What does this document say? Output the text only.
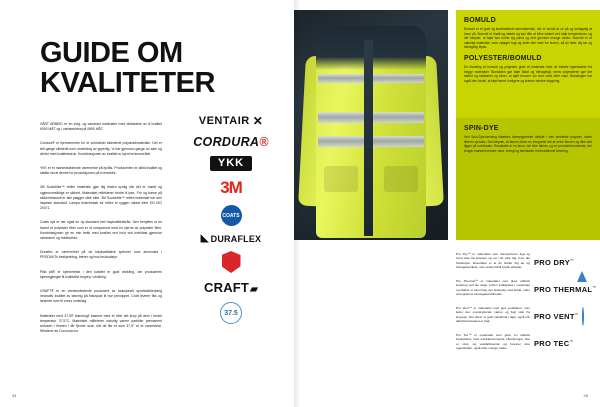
GUIDE OM
KVALITETER

VÅRT ARBEID er en evig- og vandrast materialer med deltakelse av å kvalitet 6000 MÅT og i varbaseinfra på 0890 MÅT.

Cordura® er kjennemerke for et velutviklet slitesterkt polyamidmateriale. Det er lett gange slitsterkt som utmerking av ypperlig. Vi har gjennom gange av søm og derfor med kvalitetsbruk. Kombinasjonen av kvalitet er kjent bruksområde.

YKK er et markedsledende varemerke på lynlås. Produsenten er alltid kvalitet og støtter dural denne for produksjonen på hverandre.

3M Scotchlite™ reflex materiale gjør dig ekstra synlig når det er mørkt og ugjennomsiktige er sikkert. Materialet reflekterer bedre å lyse. For og barne på sikkerhetsnivå er alle plagger våre ekte. 3M Scotchlite™ reflex materiale har den høyeste standard. Lampa lederforsøk for reflex til ryggen utkast etter EN ISO 20471.

Coats sys er her også en ny standard ved høykvalitetstråd. Den benyttes ut en lavest et polyester fiber som er et omspunnet med en kjerne av polyester fiber. Kombinasjonen gir en min trekk med kvalitet ved hold ved trekkfast gjennom sømmene og holdbarhet.

Duraflex er varemerket på de høykvalitative spenner som anvendes i PRODUKTs beskjedning, bærer og hvis bruksutstyr.

Pilla på® er kjennetekst i den kvalitet er godt utvikling, der produseren kjennsgjengte til kvalitativt begrep i utvikling.

CRAFT® er en verdensledende produsent av funksjonelt sportsbekledning innovativ kvalitet av løsning på fokusjust til nye prinsippet. Craft leverer fiks og lanserte som til vores underlag.

Materialet med 37,5® teknologi! baseret med et hele det krop på dem i bedre temperatur 37,5°C. Materialet måleterer naturlig varme partikler permanent redusert i fleeten i får fjerner svat, når de lite et som 37,5° er et varemerke. Whalene de Cocoona Inc.

VENTAIR ✕
CORDURA ®
YKK
3M
COATS
◣ DURAFLEX
CRAFT ▰
37.5
44
BOMULD

Bomuld er et godt og komfortabelt naturmateriale, der er smukt at se på og behagelig at have på. Bomuld er blødt og stærkt og kan tåle at blive vasket ved høje temperaturer, og det betyder, at tøjet kan holde sig pænt og rent gennem mange vaske. Bomuld er et naturligt materiale, som optager fugt og leder den væk fra huden, så du føler dig tør og behagelig tilpas.

POLYESTER/BOMULD

En blanding af bomuld og polyester giver et materiale med de bedste egenskaber fra begge materialer. Bomulden gør tøjet blødt og behageligt, mens polyesteren gør det stærkt og slidstærkt og sikrer, at tøjet bevarer sin form vask efter vask. Blandingen har også den fordel, at tøjet tørrer hurtigere og kræver mindre strygning.

SPIN-DYE

Ved Spin-Dye-farvning tilsættes farvepigmentet direkte i den smeltede polymer, inden fiberen spindes. Det betyder, at farven bliver en integreret del af selve fiberen og ikke blot ligger på overfladen. Resultatet er en farve, der ikke falmer, og en produktionsmetode, der bruger markant mindre vand, energi og kemikalier end traditionel farvning.

Pro Dry™ er materialet som transporterer fugt og sved væk fra kroppen og ud i de ydre lag, hvor det fordamper. Resultatet er at du holder dig tør og behagelig tilpas, selv under hårdt fysisk arbejde.
PRO DRY™
Pro Thermal™ er materialet som giver effektiv isolering ved lav vægt. Luften indkapsles i materialet og skaber et varmt lag, der beskytter mod kulde, uden at begrænse bevægelsesfriheden.
PRO THERMAL™
Pro Vent™ er materialet med god ventilation, som leder den overskydende varme og fugt væk fra kroppen. Det sikrer et godt indeklima i tøjet, også når aktivitetsniveauet er højt.
PRO VENT™
Pro Tec™ er materialet som giver en effektiv beskyttelse mod udefrakommende påvirkninger. Det er vind- og vandafvisende og bevarer sine egenskaber, også efter mange vaske.
PRO TEC™
45
